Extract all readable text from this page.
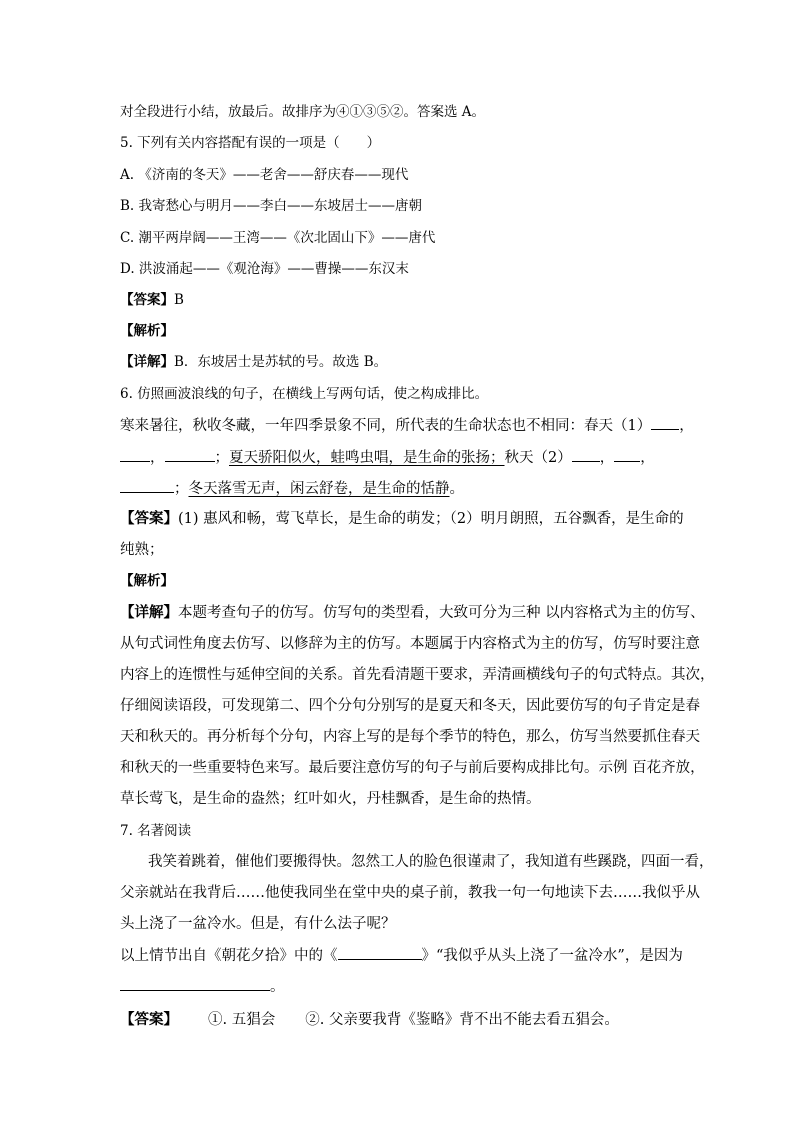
对全段进行小结，放最后。故排序为④①③⑤②。答案选 A。
5. 下列有关内容搭配有误的一项是（　　）
A. 《济南的冬天》——老舍——舒庆春——现代
B. 我寄愁心与明月——李白——东坡居士——唐朝
C. 潮平两岸阔——王湾——《次北固山下》——唐代
D. 洪波涌起——《观沧海》——曹操——东汉末
【答案】B
【解析】
【详解】B．东坡居士是苏轼的号。故选 B。
6. 仿照画波浪线的句子，在横线上写两句话，使之构成排比。
寒来暑往，秋收冬藏，一年四季景象不同，所代表的生命状态也不相同：春天（1） ，
，	；夏天骄阳似火，蛙鸣虫唱，是生命的张扬；秋天（2） ， ，
；冬天落雪无声，闲云舒卷，是生命的恬静。
【答案】(1) 惠风和畅，莺飞草长，是生命的萌发；（2）明月朗照，五谷飘香，是生命的
纯熟；
【解析】
【详解】本题考查句子的仿写。仿写句的类型看，大致可分为三种 以内容格式为主的仿写、
从句式词性角度去仿写、以修辞为主的仿写。本题属于内容格式为主的仿写，仿写时要注意
内容上的连惯性与延伸空间的关系。首先看清题干要求，弄清画横线句子的句式特点。其次，
仔细阅读语段，可发现第二、四个分句分别写的是夏天和冬天，因此要仿写的句子肯定是春
天和秋天的。再分析每个分句，内容上写的是每个季节的特色，那么，仿写当然要抓住春天
和秋天的一些重要特色来写。最后要注意仿写的句子与前后要构成排比句。示例 百花齐放，
草长莺飞，是生命的盎然；红叶如火，丹桂飘香，是生命的热情。
7. 名著阅读
我笑着跳着，催他们要搬得快。忽然工人的脸色很谨肃了，我知道有些蹊跷，四面一看，
父亲就站在我背后……他使我同坐在堂中央的桌子前，教我一句一句地读下去……我似乎从
头上浇了一盆冷水。但是，有什么法子呢？
以上情节出自《朝花夕拾》中的《	》“我似乎从头上浇了一盆冷水”，是因为
。
【答案】 ①. 五猖会 ②. 父亲要我背《鉴略》背不出不能去看五猖会。
